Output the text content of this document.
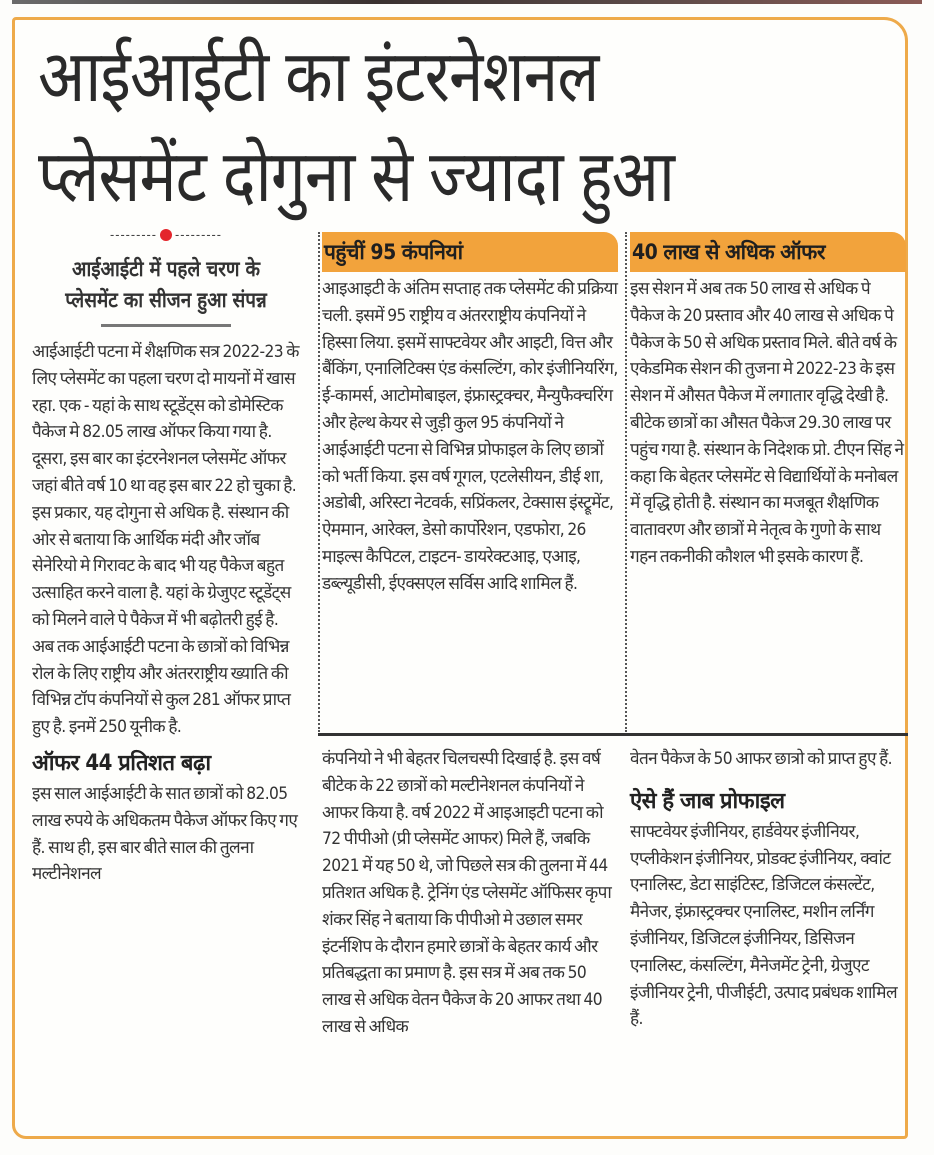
आईआईटी का इंटरनेशनल
प्लेसमेंट दोगुना से ज्यादा हुआ
--------- ---------
आईआईटी में पहले चरण के प्लेसमेंट का सीजन हुआ संपन्न
आईआईटी पटना में शैक्षणिक सत्र 2022-23 के लिए प्लेसमेंट का पहला चरण दो मायनों में खास रहा. एक - यहां के साथ स्टूडेंट्स को डोमेस्टिक पैकेज मे 82.05 लाख ऑफर किया गया है. दूसरा, इस बार का इंटरनेशनल प्लेसमेंट ऑफर जहां बीते वर्ष 10 था वह इस बार 22 हो चुका है. इस प्रकार, यह दोगुना से अधिक है. संस्थान की ओर से बताया कि आर्थिक मंदी और जॉब सेनेरियो मे गिरावट के बाद भी यह पैकेज बहुत उत्साहित करने वाला है. यहां के ग्रेजुएट स्टूडेंट्स को मिलने वाले पे पैकेज में भी बढ़ोतरी हुई है. अब तक आईआईटी पटना के छात्रों को विभिन्न रोल के लिए राष्ट्रीय और अंतरराष्ट्रीय ख्याति की विभिन्न टॉप कंपनियों से कुल 281 ऑफर प्राप्त हुए है. इनमें 250 यूनीक है.
ऑफर 44 प्रतिशत बढ़ा
इस साल आईआईटी के सात छात्रों को 82.05 लाख रुपये के अधिकतम पैकेज ऑफर किए गए हैं. साथ ही, इस बार बीते साल की तुलना मल्टीनेशनल
पहुंचीं 95 कंपनियां
आइआइटी के अंतिम सप्ताह तक प्लेसमेंट की प्रक्रिया चली. इसमें 95 राष्ट्रीय व अंतरराष्ट्रीय कंपनियों ने हिस्सा लिया. इसमें साफ्टवेयर और आइटी, वित्त और बैंकिंग, एनालिटिक्स एंड कंसल्टिंग, कोर इंजीनियरिंग, ई-कामर्स, आटोमोबाइल, इंफ्रास्ट्रक्चर, मैन्युफैक्चरिंग और हेल्थ केयर से जुड़ी कुल 95 कंपनियों ने आईआईटी पटना से विभिन्न प्रोफाइल के लिए छात्रों को भर्ती किया. इस वर्ष गूगल, एटलेसीयन, डीई शा, अडोबी, अरिस्टा नेटवर्क, सप्रिंकलर, टेक्सास इंस्ट्रूमेंट, ऐममान, आरेक्ल, डेसो कार्पोरेशन, एडफोरा, 26 माइल्स कैपिटल, टाइटन- डायरेक्टआइ, एआइ, डब्ल्यूडीसी, ईएक्सएल सर्विस आदि शामिल हैं.
40 लाख से अधिक ऑफर
इस सेशन में अब तक 50 लाख से अधिक पे पैकेज के 20 प्रस्ताव और 40 लाख से अधिक पे पैकेज के 50 से अधिक प्रस्ताव मिले. बीते वर्ष के एकेडमिक सेशन की तुजना मे 2022-23 के इस सेशन में औसत पैकेज में लगातार वृद्धि देखी है. बीटेक छात्रों का औसत पैकेज 29.30 लाख पर पहुंच गया है. संस्थान के निदेशक प्रो. टीएन सिंह ने कहा कि बेहतर प्लेसमेंट से विद्यार्थियों के मनोबल में वृद्धि होती है. संस्थान का मजबूत शैक्षणिक वातावरण और छात्रों मे नेतृत्व के गुणो के साथ गहन तकनीकी कौशल भी इसके कारण हैं.
कंपनियो ने भी बेहतर चिलचस्पी दिखाई है. इस वर्ष बीटेक के 22 छात्रों को मल्टीनेशनल कंपनियों ने आफर किया है. वर्ष 2022 में आइआइटी पटना को 72 पीपीओ (प्री प्लेसमेंट आफर) मिले हैं, जबकि 2021 में यह 50 थे, जो पिछले सत्र की तुलना में 44 प्रतिशत अधिक है. ट्रेनिंग एंड प्लेसमेंट ऑफिसर कृपा शंकर सिंह ने बताया कि पीपीओ मे उछाल समर इंटर्नशिप के दौरान हमारे छात्रों के बेहतर कार्य और प्रतिबद्धता का प्रमाण है. इस सत्र में अब तक 50 लाख से अधिक वेतन पैकेज के 20 आफर तथा 40 लाख से अधिक
वेतन पैकेज के 50 आफर छात्रो को प्राप्त हुए हैं.
ऐसे हैं जाब प्रोफाइल
साफ्टवेयर इंजीनियर, हार्डवेयर इंजीनियर, एप्लीकेशन इंजीनियर, प्रोडक्ट इंजीनियर, क्वांट एनालिस्ट, डेटा साइंटिस्ट, डिजिटल कंसल्टेंट, मैनेजर, इंफ्रास्ट्रक्चर एनालिस्ट, मशीन लर्निंग इंजीनियर, डिजिटल इंजीनियर, डिसिजन एनालिस्ट, कंसल्टिंग, मैनेजमेंट ट्रेनी, ग्रेजुएट इंजीनियर ट्रेनी, पीजीईटी, उत्पाद प्रबंधक शामिल हैं.
